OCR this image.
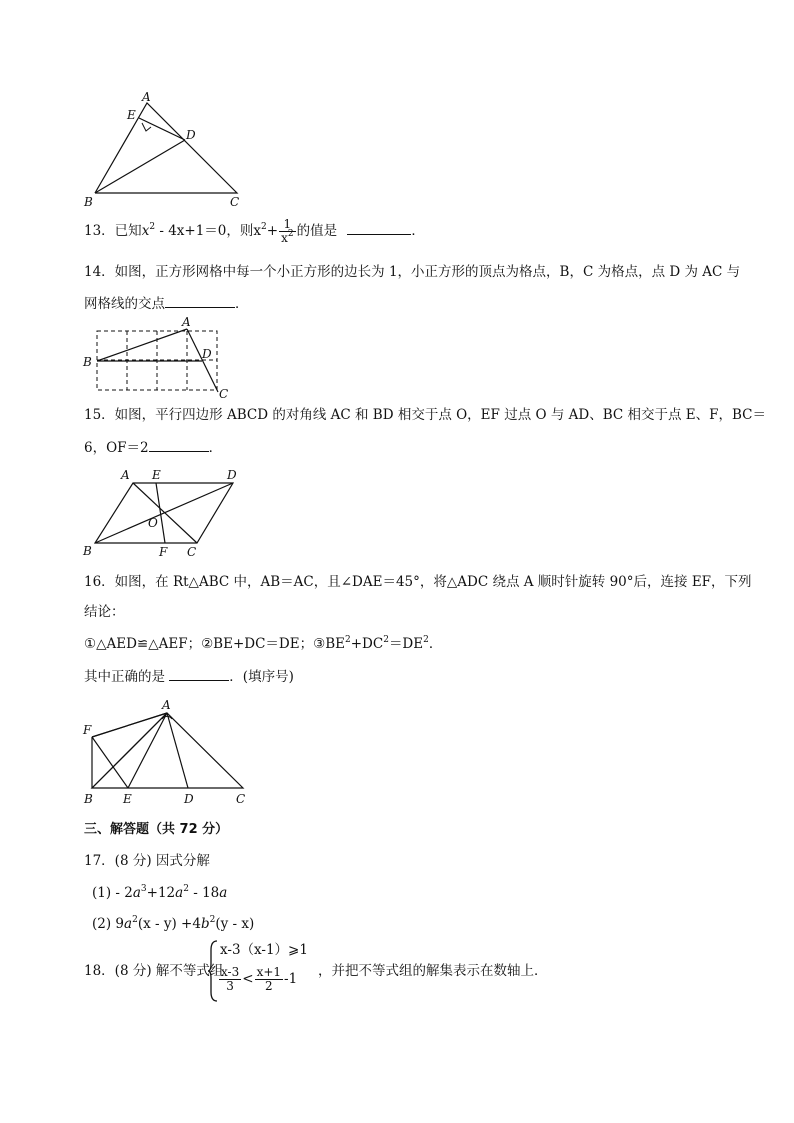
A
E
D
B	C
13．已知$x^2 - 4x+1=0$，则$x^2+ \frac{1}{x^2}$ 的值是	．
14．如图，正方形网格中每一个小正方形的边长为 1，小正方形的顶点为格点，B，C 为格点，点 D 为 AC 与
网格线的交点	．
A
B
D
C
15．如图，平行四边形 ABCD 的对角线 AC 和 BD 相交于点 O，EF 过点 O 与 AD、BC 相交于点 E、F，BC＝
6，OF＝2	．
A E	D
O
B	F C
16．如图，在 Rt△ABC 中，AB＝AC，且∠DAE＝45°，将△ADC 绕点 A 顺时针旋转 90°后，连接 EF，下列
结论：
①△AED≌△AEF；②BE+DC＝DE；$③BE^2+DC^2=DE^2$．
其中正确的是	．(填序号)
A
F
B	E	D	C
三、解答题（共 72 分）
17．(8 分) 因式分解
$(1) - 2a^3+12a^2 - 18a$
(2) $9a^2(x - y) +4b^2(y - x)$
18．(8 分) 解不等式组
x-3（x-1）⩾1
$\frac{x-3}{3} < \frac{x+1}{2} -1$ ，并把不等式组的解集表示在数轴上．
